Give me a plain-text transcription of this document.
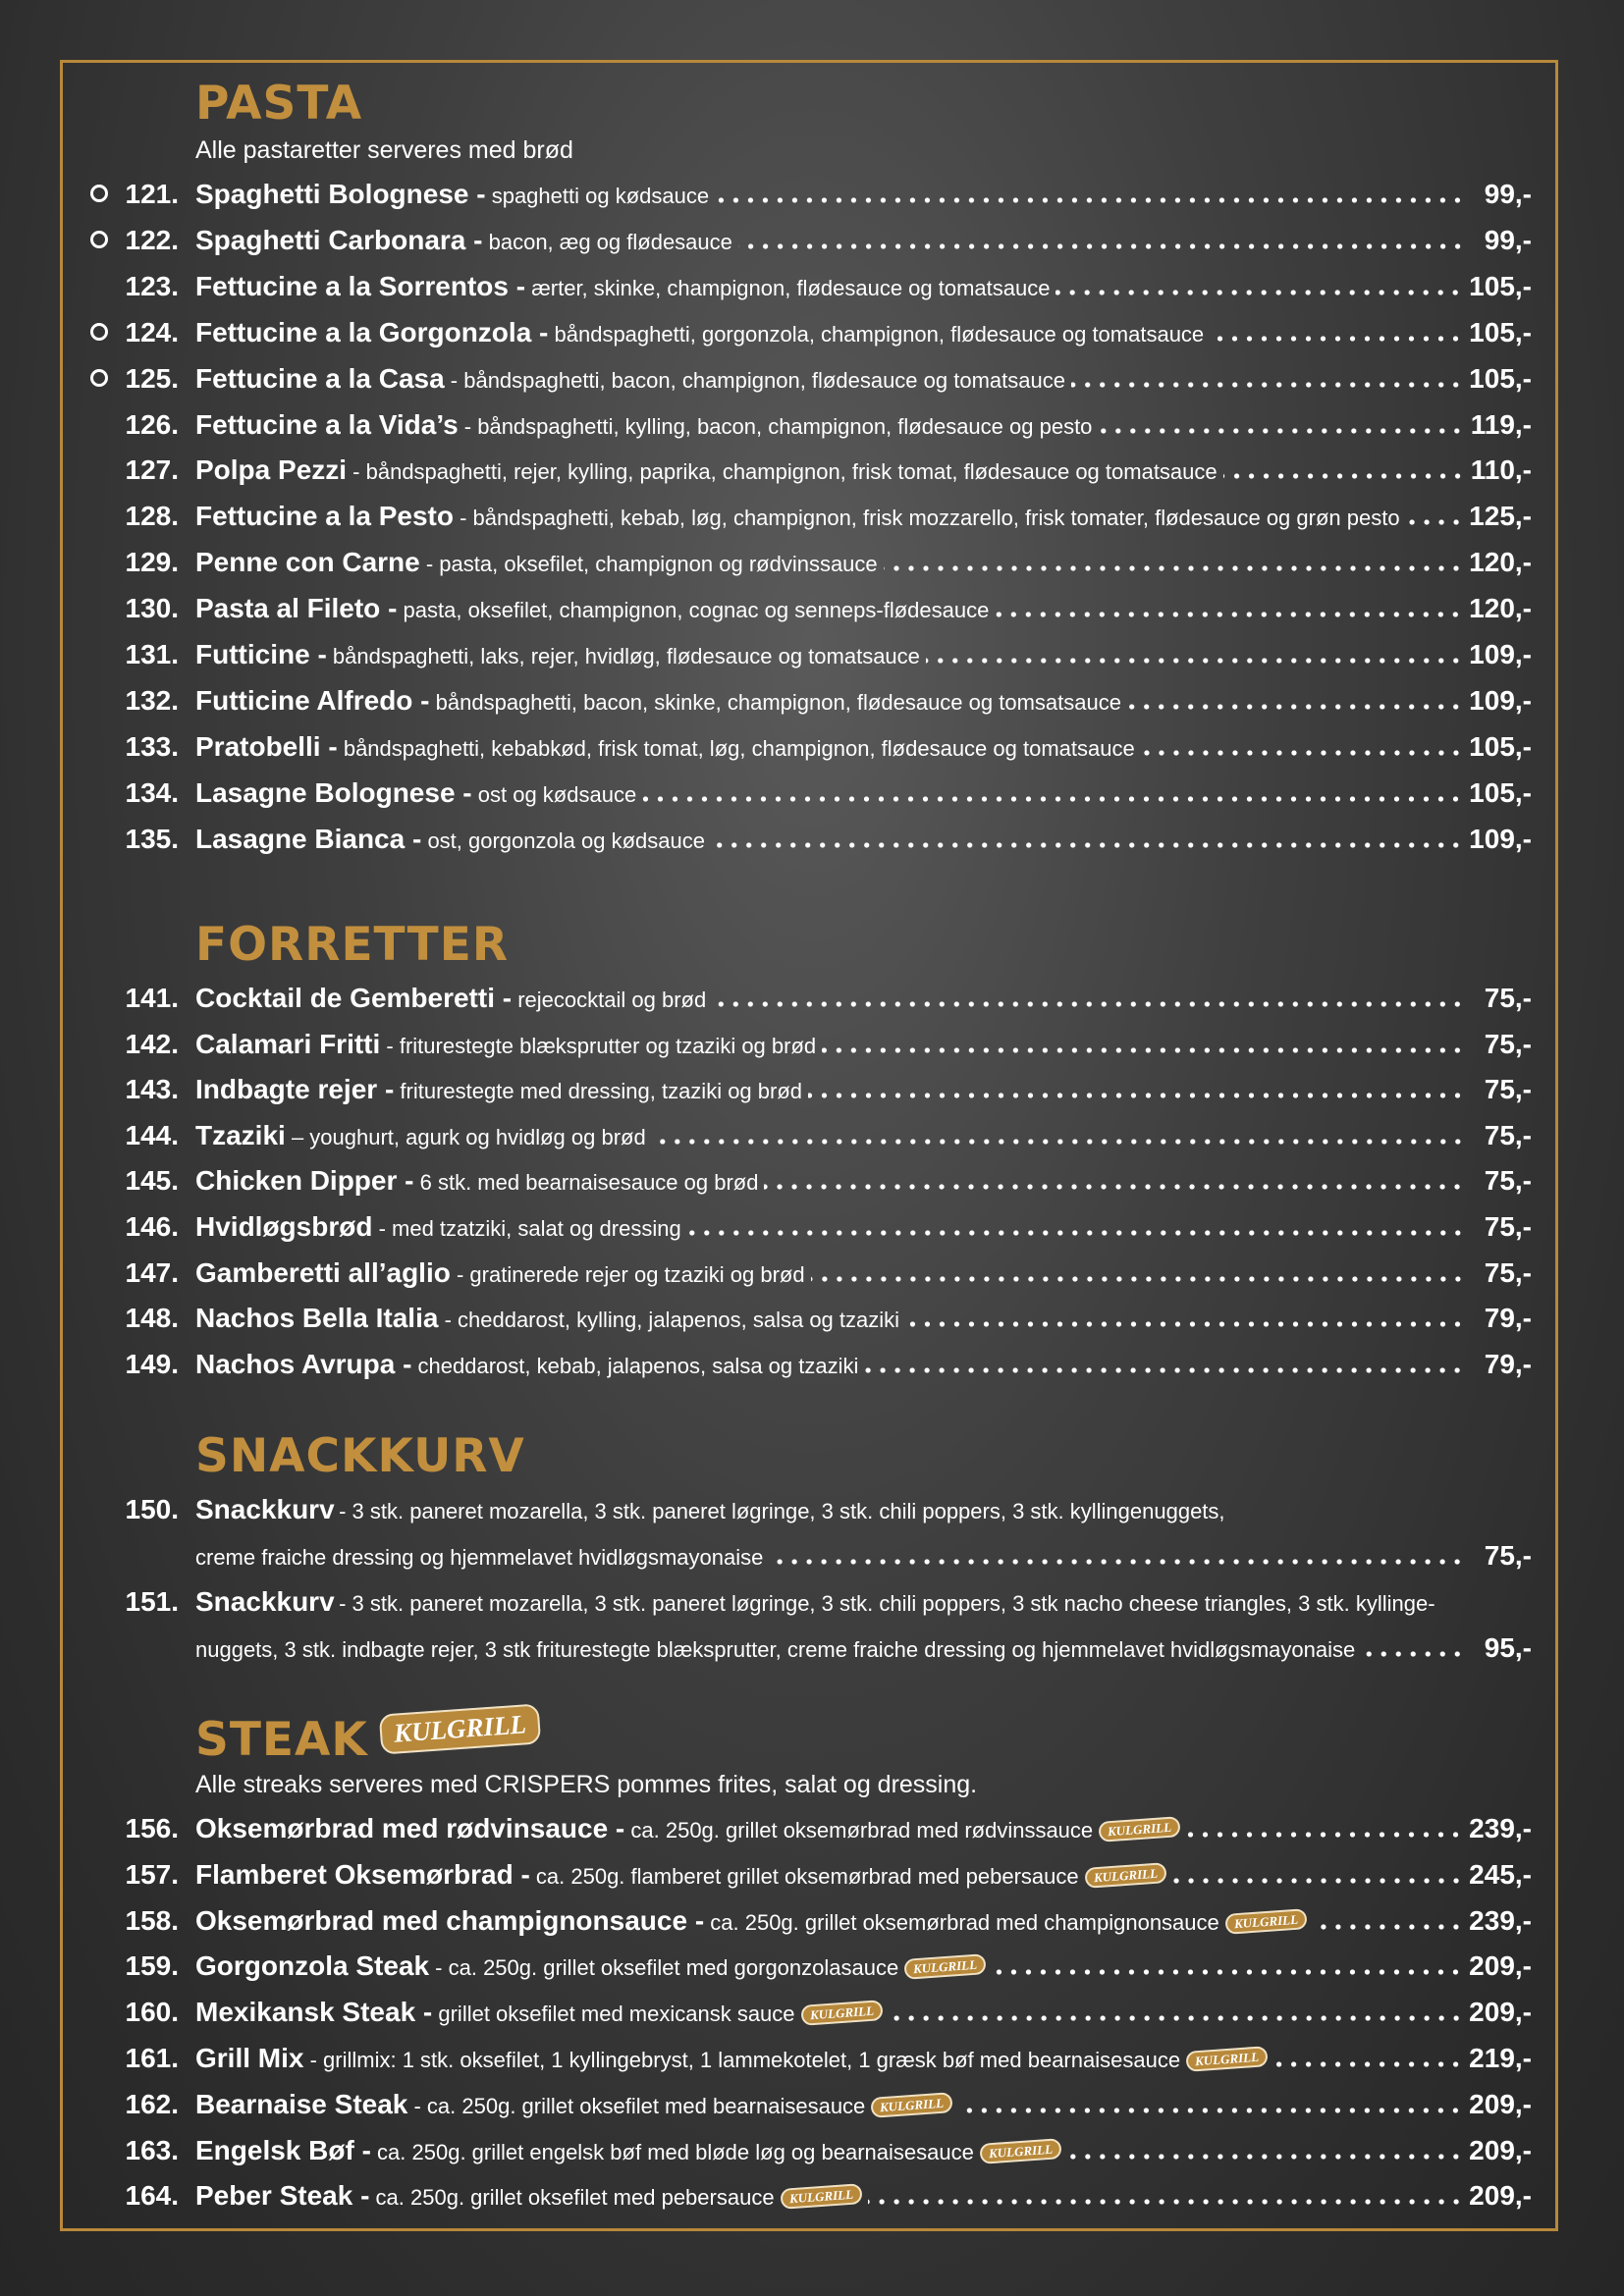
PASTA
Alle pastaretter serveres med brød
121. Spaghetti Bolognese -
spaghetti og kødsauce	99,-
122. Spaghetti Carbonara -
bacon, æg og flødesauce	99,-
123. Fettucine a la Sorrentos -
ærter, skinke, champignon, flødesauce og tomatsauce	105,-
124. Fettucine a la Gorgonzola -
båndspaghetti, gorgonzola, champignon, flødesauce og tomatsauce	105,-
125. Fettucine a la Casa
- båndspaghetti, bacon, champignon, flødesauce og tomatsauce	105,-
126. Fettucine a la Vida’s
- båndspaghetti, kylling, bacon, champignon, flødesauce og pesto	119,-
127. Polpa Pezzi
- båndspaghetti, rejer, kylling, paprika, champignon, frisk tomat, flødesauce og tomatsauce	110,-
128. Fettucine a la Pesto
- båndspaghetti, kebab, løg, champignon, frisk mozzarello, frisk tomater, flødesauce og grøn pesto	125,-
129. Penne con Carne
- pasta, oksefilet, champignon og rødvinssauce	120,-
130. Pasta al Fileto -
pasta, oksefilet, champignon, cognac og senneps-flødesauce	120,-
131. Futticine -
båndspaghetti, laks, rejer, hvidløg, flødesauce og tomatsauce	109,-
132. Futticine Alfredo -
båndspaghetti, bacon, skinke, champignon, flødesauce og tomsatsauce	109,-
133. Pratobelli -
båndspaghetti, kebabkød, frisk tomat, løg, champignon, flødesauce og tomatsauce	105,-
134. Lasagne Bolognese -
ost og kødsauce	105,-
135. Lasagne Bianca -
ost, gorgonzola og kødsauce	109,-
FORRETTER
141. Cocktail de Gemberetti -
rejecocktail og brød	75,-
142. Calamari Fritti
- friturestegte blæksprutter og tzaziki og brød	75,-
143. Indbagte rejer -
friturestegte med dressing, tzaziki og brød	75,-
144. Tzaziki
– youghurt, agurk og hvidløg og brød	75,-
145. Chicken Dipper -
6 stk. med bearnaisesauce og brød	75,-
146. Hvidløgsbrød
- med tzatziki, salat og dressing	75,-
147. Gamberetti all’aglio
- gratinerede rejer og tzaziki og brød	75,-
148. Nachos Bella Italia
- cheddarost, kylling, jalapenos, salsa og tzaziki	79,-
149. Nachos Avrupa -
cheddarost, kebab, jalapenos, salsa og tzaziki	79,-
SNACKKURV
150. Snackkurv - 3 stk. paneret mozarella, 3 stk. paneret løgringe, 3 stk. chili poppers, 3 stk. kyllingenuggets,
creme fraiche dressing og hjemmelavet hvidløgsmayonaise	75,-
151. Snackkurv - 3 stk. paneret mozarella, 3 stk. paneret løgringe, 3 stk. chili poppers, 3 stk nacho cheese triangles, 3 stk. kyllinge-
nuggets, 3 stk. indbagte rejer, 3 stk friturestegte blæksprutter, creme fraiche dressing og hjemmelavet hvidløgsmayonaise	95,-
STEAK KULGRILL
Alle streaks serveres med CRISPERS pommes frites, salat og dressing.
156. Oksemørbrad med rødvinsauce -
ca. 250g. grillet oksemørbrad med rødvinssauce	KULGRILL	239,-
157. Flamberet Oksemørbrad -
ca. 250g. flamberet grillet oksemørbrad med pebersauce	KULGRILL	245,-
158. Oksemørbrad med champignonsauce -
ca. 250g. grillet oksemørbrad med champignonsauce	KULGRILL	239,-
159. Gorgonzola Steak
- ca. 250g. grillet oksefilet med gorgonzolasauce	KULGRILL	209,-
160. Mexikansk Steak -
grillet oksefilet med mexicansk sauce	KULGRILL	209,-
161. Grill Mix
- grillmix: 1 stk. oksefilet, 1 kyllingebryst, 1 lammekotelet, 1 græsk bøf med bearnaisesauce	KULGRILL	219,-
162. Bearnaise Steak
- ca. 250g. grillet oksefilet med bearnaisesauce	KULGRILL	209,-
163. Engelsk Bøf -
ca. 250g. grillet engelsk bøf med bløde løg og bearnaisesauce	KULGRILL	209,-
164. Peber Steak -
ca. 250g. grillet oksefilet med pebersauce	KULGRILL	209,-
